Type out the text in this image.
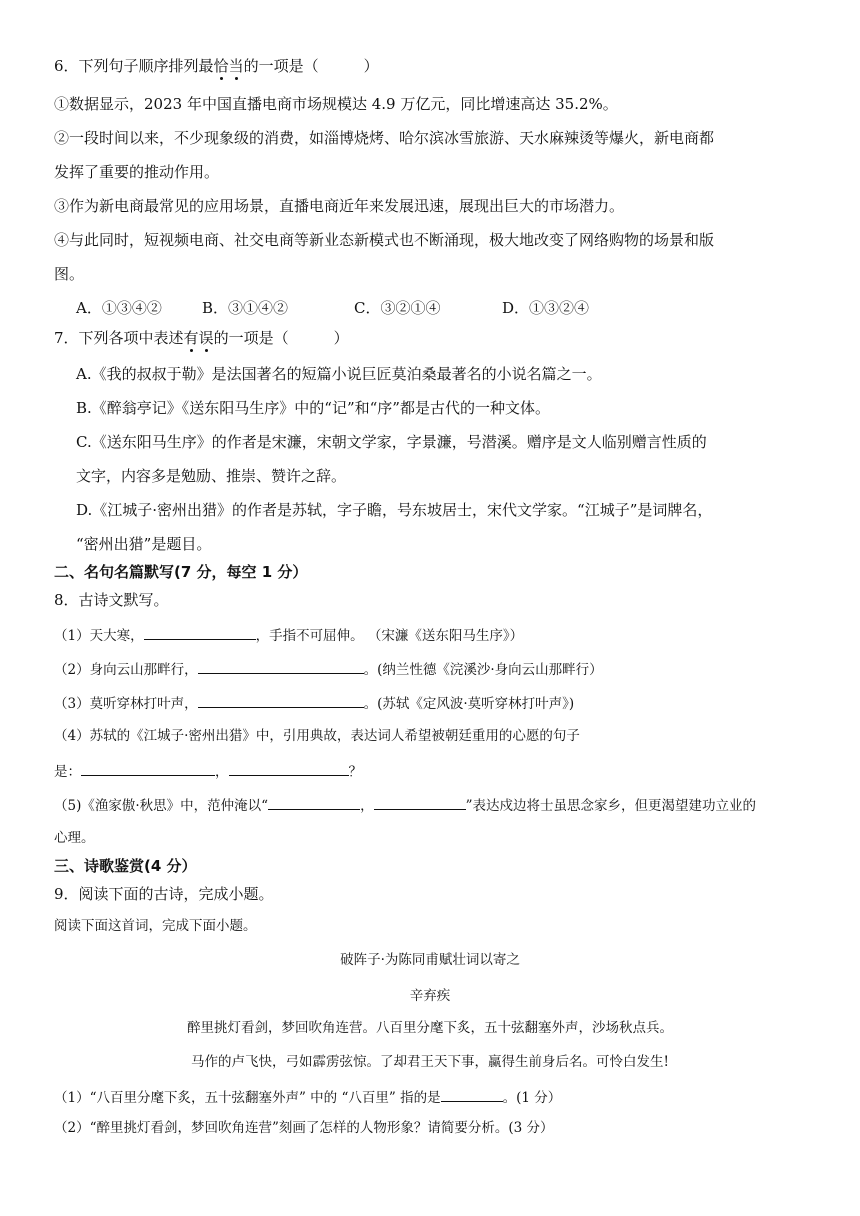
6．下列句子顺序排列最恰当的一项是（　　　）
①数据显示，2023 年中国直播电商市场规模达 4.9 万亿元，同比增速高达 35.2%。
②一段时间以来，不少现象级的消费，如淄博烧烤、哈尔滨冰雪旅游、天水麻辣烫等爆火，新电商都
发挥了重要的推动作用。
③作为新电商最常见的应用场景，直播电商近年来发展迅速，展现出巨大的市场潜力。
④与此同时，短视频电商、社交电商等新业态新模式也不断涌现，极大地改变了网络购物的场景和版
图。
A．①③④②	B．③①④②	C．③②①④	D．①③②④
7．下列各项中表述有误的一项是（　　　）
A.《我的叔叔于勒》是法国著名的短篇小说巨匠莫泊桑最著名的小说名篇之一。
B.《醉翁亭记》《送东阳马生序》中的“记”和“序”都是古代的一种文体。
C.《送东阳马生序》的作者是宋濂，宋朝文学家，字景濂，号潜溪。赠序是文人临别赠言性质的
文字，内容多是勉励、推崇、赞许之辞。
D.《江城子·密州出猎》的作者是苏轼，字子瞻，号东坡居士，宋代文学家。“江城子”是词牌名，
“密州出猎”是题目。
二、名句名篇默写(7 分，每空 1 分）
8．古诗文默写。
（1）天大寒，	，手指不可屈伸。 （宋濂《送东阳马生序》）
（2）身向云山那畔行，	。(纳兰性德《浣溪沙·身向云山那畔行）
（3）莫听穿林打叶声，	。(苏轼《定风波·莫听穿林打叶声》)
（4）苏轼的《江城子·密州出猎》中，引用典故，表达词人希望被朝廷重用的心愿的句子
是：	，	？
（5)《渔家傲·秋思》中，范仲淹以“	，	”表达戍边将士虽思念家乡，但更渴望建功立业的
心理。
三、诗歌鉴赏(4 分）
9．阅读下面的古诗，完成小题。
阅读下面这首词，完成下面小题。
破阵子·为陈同甫赋壮词以寄之
辛弃疾
醉里挑灯看剑，梦回吹角连营。八百里分麾下炙，五十弦翻塞外声，沙场秋点兵。
马作的卢飞快，弓如霹雳弦惊。了却君王天下事，赢得生前身后名。可怜白发生!
（1）“八百里分麾下炙，五十弦翻塞外声” 中的 “八百里” 指的是	。(1 分）
（2）“醉里挑灯看剑，梦回吹角连营”刻画了怎样的人物形象？请简要分析。(3 分）
